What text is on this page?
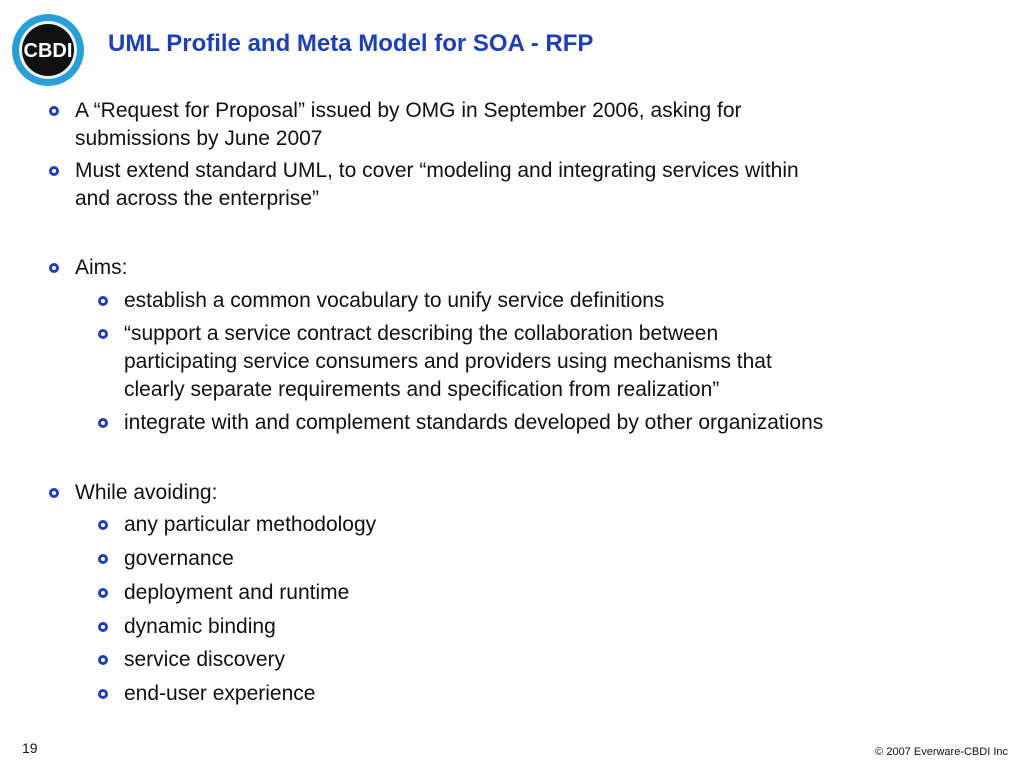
CBDI UML Profile and Meta Model for SOA - RFP
A “Request for Proposal” issued by OMG in September 2006, asking for
submissions by June 2007
Must extend standard UML, to cover “modeling and integrating services within
and across the enterprise”
Aims:
establish a common vocabulary to unify service definitions
“support a service contract describing the collaboration between
participating service consumers and providers using mechanisms that
clearly separate requirements and specification from realization”
integrate with and complement standards developed by other organizations
While avoiding:
any particular methodology
governance
deployment and runtime
dynamic binding
service discovery
end-user experience
19	© 2007 Everware-CBDI Inc
